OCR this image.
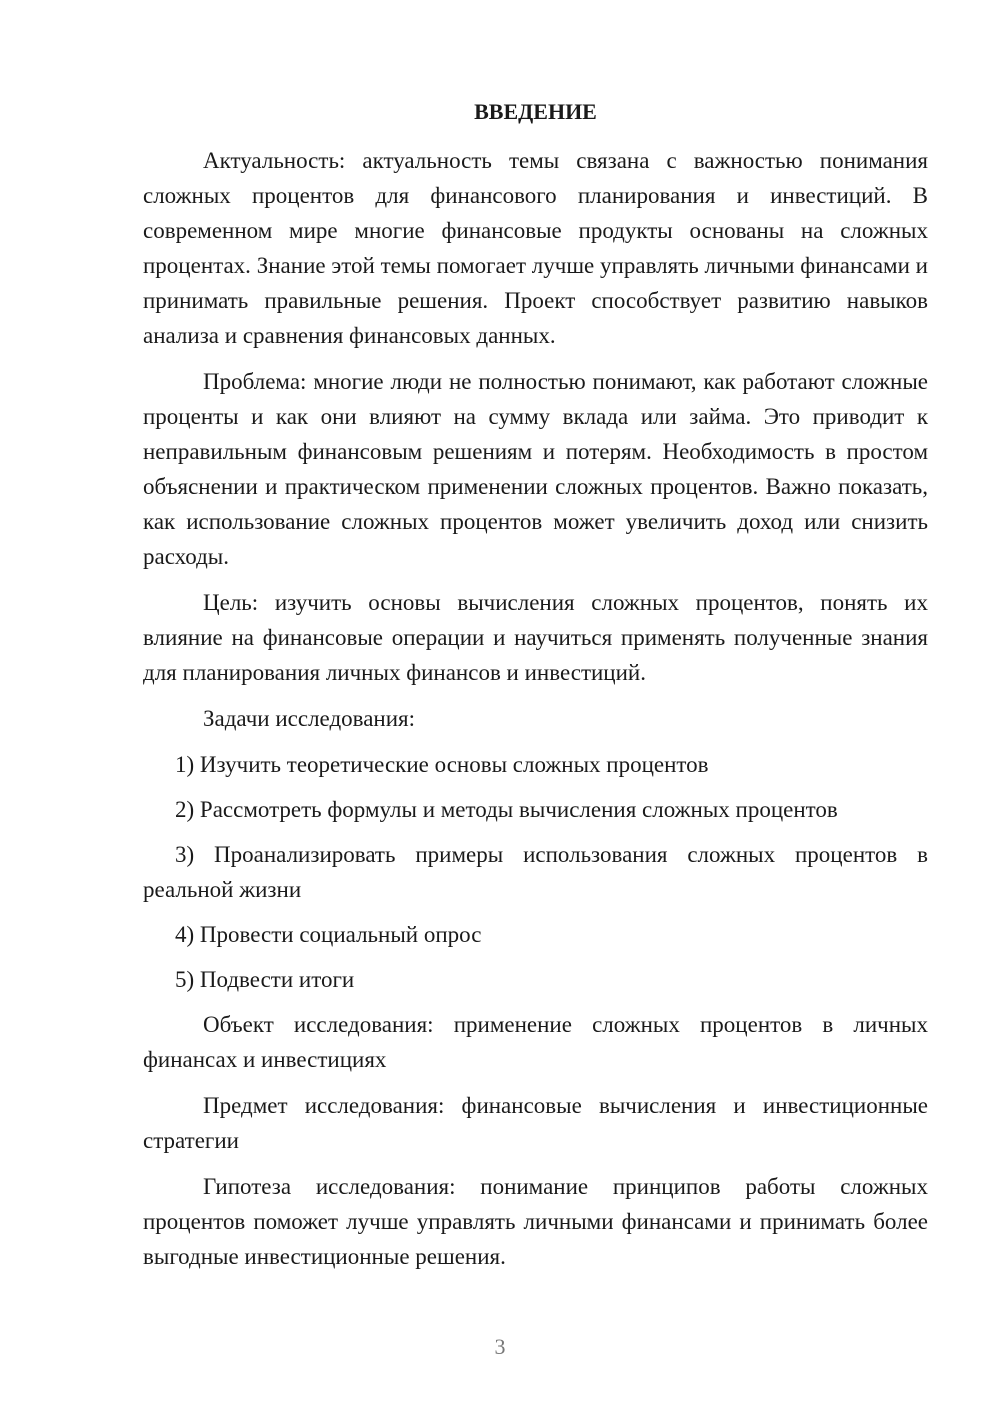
ВВЕДЕНИЕ

Актуальность: актуальность темы связана с важностью понимания сложных процентов для финансового планирования и инвестиций. В современном мире многие финансовые продукты основаны на сложных процентах. Знание этой темы помогает лучше управлять личными финансами и принимать правильные решения. Проект способствует развитию навыков анализа и сравнения финансовых данных.

Проблема: многие люди не полностью понимают, как работают сложные проценты и как они влияют на сумму вклада или займа. Это приводит к неправильным финансовым решениям и потерям. Необходимость в простом объяснении и практическом применении сложных процентов. Важно показать, как использование сложных процентов может увеличить доход или снизить расходы.

Цель: изучить основы вычисления сложных процентов, понять их влияние на финансовые операции и научиться применять полученные знания для планирования личных финансов и инвестиций.

Задачи исследования:

1) Изучить теоретические основы сложных процентов

2) Рассмотреть формулы и методы вычисления сложных процентов

3) Проанализировать примеры использования сложных процентов в реальной жизни

4) Провести социальный опрос

5) Подвести итоги

Объект исследования: применение сложных процентов в личных финансах и инвестициях

Предмет исследования: финансовые вычисления и инвестиционные стратегии

Гипотеза исследования: понимание принципов работы сложных процентов поможет лучше управлять личными финансами и принимать более выгодные инвестиционные решения.

3
